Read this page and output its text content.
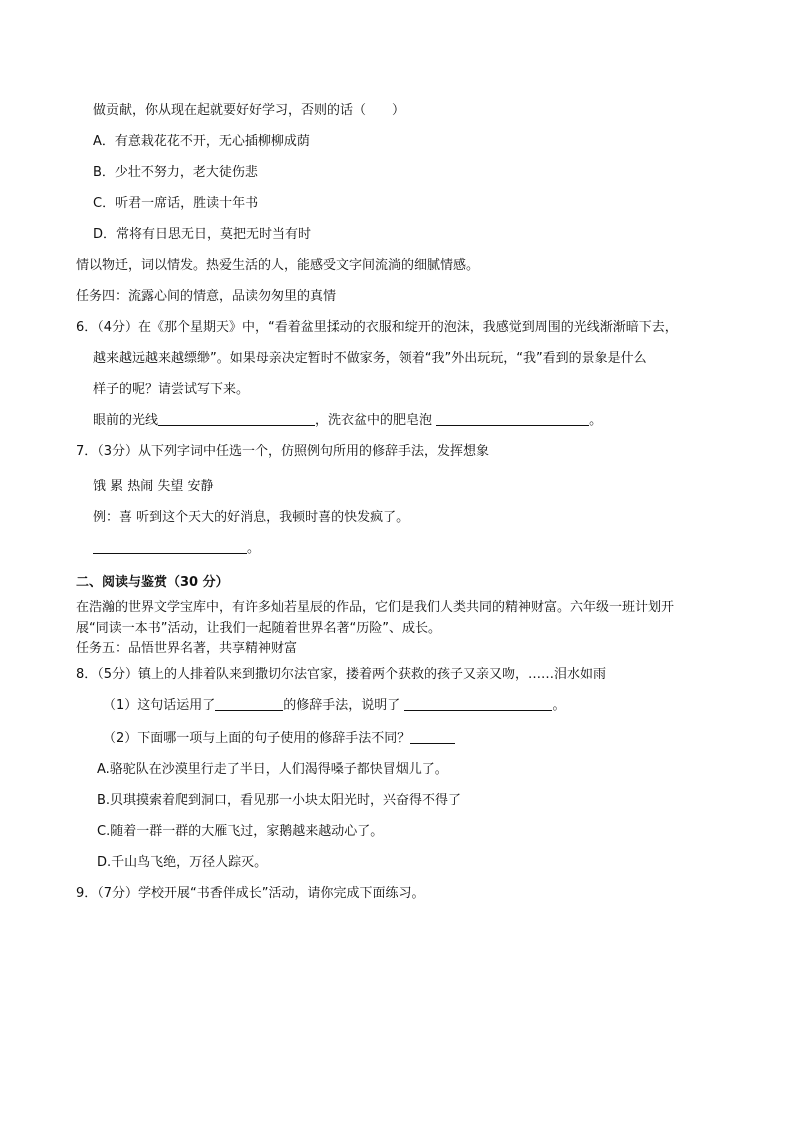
做贡献，你从现在起就要好好学习，否则的话（　　）
A．有意栽花花不开，无心插柳柳成荫
B．少壮不努力，老大徒伤悲
C．听君一席话，胜读十年书
D．常将有日思无日，莫把无时当有时
情以物迁，词以情发。热爱生活的人，能感受文字间流淌的细腻情感。
任务四：流露心间的情意，品读勿匆里的真情
6．（4分）在《那个星期天》中，“看着盆里揉动的衣服和绽开的泡沫，我感觉到周围的光线渐渐暗下去，
越来越远越来越缥缈”。如果母亲决定暂时不做家务，领着“我”外出玩玩，“我”看到的景象是什么
样子的呢？请尝试写下来。
眼前的光线	，洗衣盆中的肥皂泡	。
7．（3分）从下列字词中任选一个，仿照例句所用的修辞手法，发挥想象
饿 累 热闹 失望 安静
例：喜 听到这个天大的好消息，我顿时喜的快发疯了。
。
二、阅读与鉴赏（30 分）
在浩瀚的世界文学宝库中，有许多灿若星辰的作品，它们是我们人类共同的精神财富。六年级一班计划开
展“同读一本书”活动，让我们一起随着世界名著“历险”、成长。
任务五：品悟世界名著，共享精神财富
8．（5分）镇上的人排着队来到撒切尔法官家，搂着两个获救的孩子又亲又吻，……泪水如雨
（1）这句话运用了	的修辞手法，说明了	。
（2）下面哪一项与上面的句子使用的修辞手法不同？
A.骆驼队在沙漠里行走了半日，人们渴得嗓子都快冒烟儿了。
B.贝琪摸索着爬到洞口，看见那一小块太阳光时，兴奋得不得了
C.随着一群一群的大雁飞过，家鹅越来越动心了。
D.千山鸟飞绝，万径人踪灭。
9．（7分）学校开展“书香伴成长”活动，请你完成下面练习。
